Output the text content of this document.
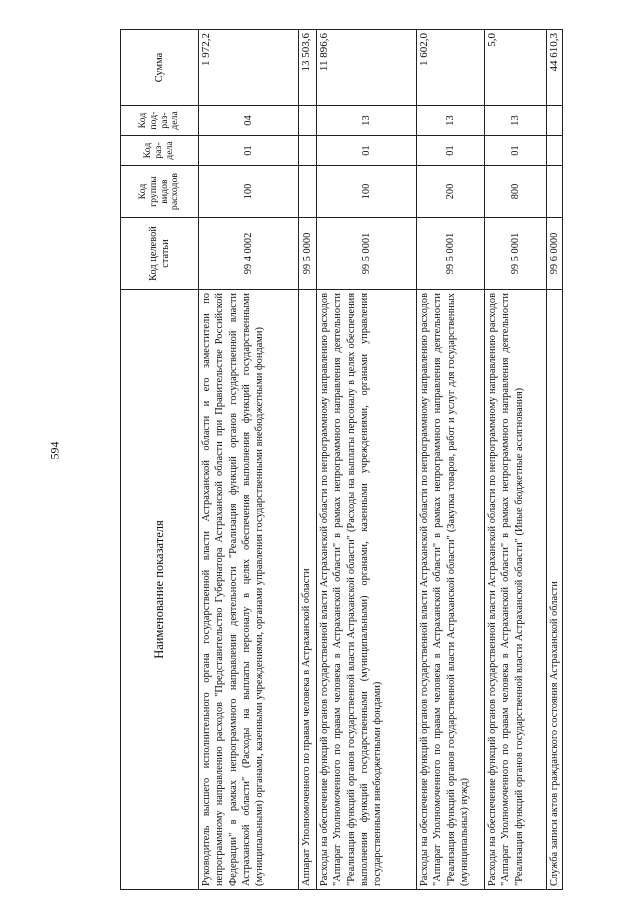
594
Наименование показателя	Код целевой статьи	Код группы видов расходов	Код раз-дела	Код под-раз-дела	Сумма
Руководитель высшего исполнительного органа государственной власти Астраханской области и его заместители по непрограммному направлению расходов "Представительство Губернатора Астраханской области при Правительстве Российской Федерации" в рамках непрограммного направления деятельности "Реализация функций органов государственной власти Астраханской области" (Расходы на выплаты персоналу в целях обеспечения выполнения функций государственными (муниципальными) органами, казенными учреждениями, органами управления государственными внебюджетными фондами)	99 4 0002	100	01	04	1 972,2
Аппарат Уполномоченного по правам человека в Астраханской области	99 5 0000				13 503,6
Расходы на обеспечение функций органов государственной власти Астраханской области по непрограммному направлению расходов "Аппарат Уполномоченного по правам человека в Астраханской области" в рамках непрограммного направления деятельности "Реализация функций органов государственной власти Астраханской области" (Расходы на выплаты персоналу в целях обеспечения выполнения функций государственными (муниципальными) органами, казенными учреждениями, органами управления государственными внебюджетными фондами)	99 5 0001	100	01	13	11 896,6
Расходы на обеспечение функций органов государственной власти Астраханской области по непрограммному направлению расходов "Аппарат Уполномоченного по правам человека в Астраханской области" в рамках непрограммного направления деятельности "Реализация функций органов государственной власти Астраханской области" (Закупка товаров, работ и услуг для государственных (муниципальных) нужд)	99 5 0001	200	01	13	1 602,0
Расходы на обеспечение функций органов государственной власти Астраханской области по непрограммному направлению расходов "Аппарат Уполномоченного по правам человека в Астраханской области" в рамках непрограммного направления деятельности "Реализация функций органов государственной власти Астраханской области" (Иные бюджетные ассигнования)	99 5 0001	800	01	13	5,0
Служба записи актов гражданского состояния Астраханской области	99 6 0000				44 610,3
